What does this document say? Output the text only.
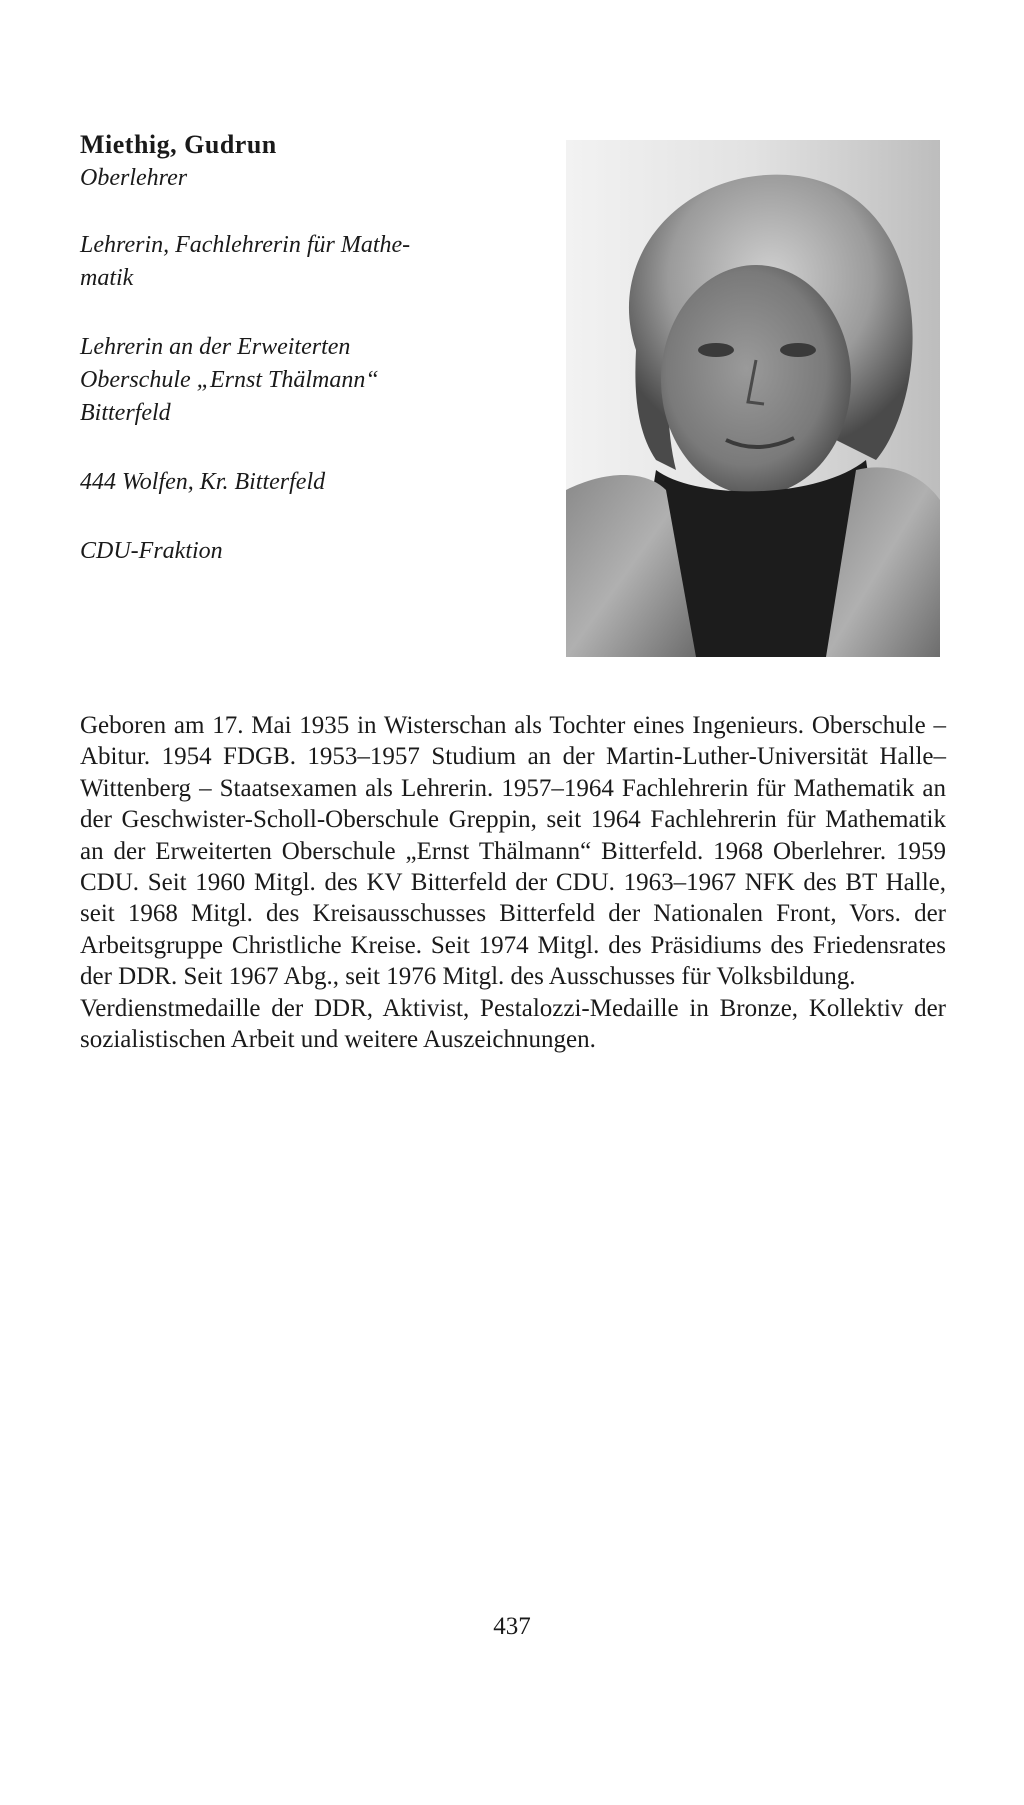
Miethig, Gudrun

Oberlehrer

Lehrerin, Fachlehrerin für Mathe-

matik

Lehrerin an der Erweiterten

Oberschule „Ernst Thälmann“

Bitterfeld

444 Wolfen, Kr. Bitterfeld

CDU-Fraktion

Geboren am 17. Mai 1935 in Wisterschan als Tochter eines Ingenieurs. Oberschule – Abitur. 1954 FDGB. 1953–1957 Studium an der Martin-Luther-Universität Halle–Wittenberg – Staatsexamen als Lehrerin. 1957–1964 Fachlehrerin für Mathematik an der Geschwister-Scholl-Oberschule Greppin, seit 1964 Fachlehrerin für Mathematik an der Erweiterten Oberschule „Ernst Thälmann“ Bitterfeld. 1968 Oberlehrer. 1959 CDU. Seit 1960 Mitgl. des KV Bitterfeld der CDU. 1963–1967 NFK des BT Halle, seit 1968 Mitgl. des Kreisausschusses Bitterfeld der Nationalen Front, Vors. der Arbeitsgruppe Christliche Kreise. Seit 1974 Mitgl. des Präsidiums des Friedensrates der DDR. Seit 1967 Abg., seit 1976 Mitgl. des Ausschusses für Volksbildung.

Verdienstmedaille der DDR, Aktivist, Pestalozzi-Medaille in Bronze, Kollektiv der sozialistischen Arbeit und weitere Auszeichnungen.

437
